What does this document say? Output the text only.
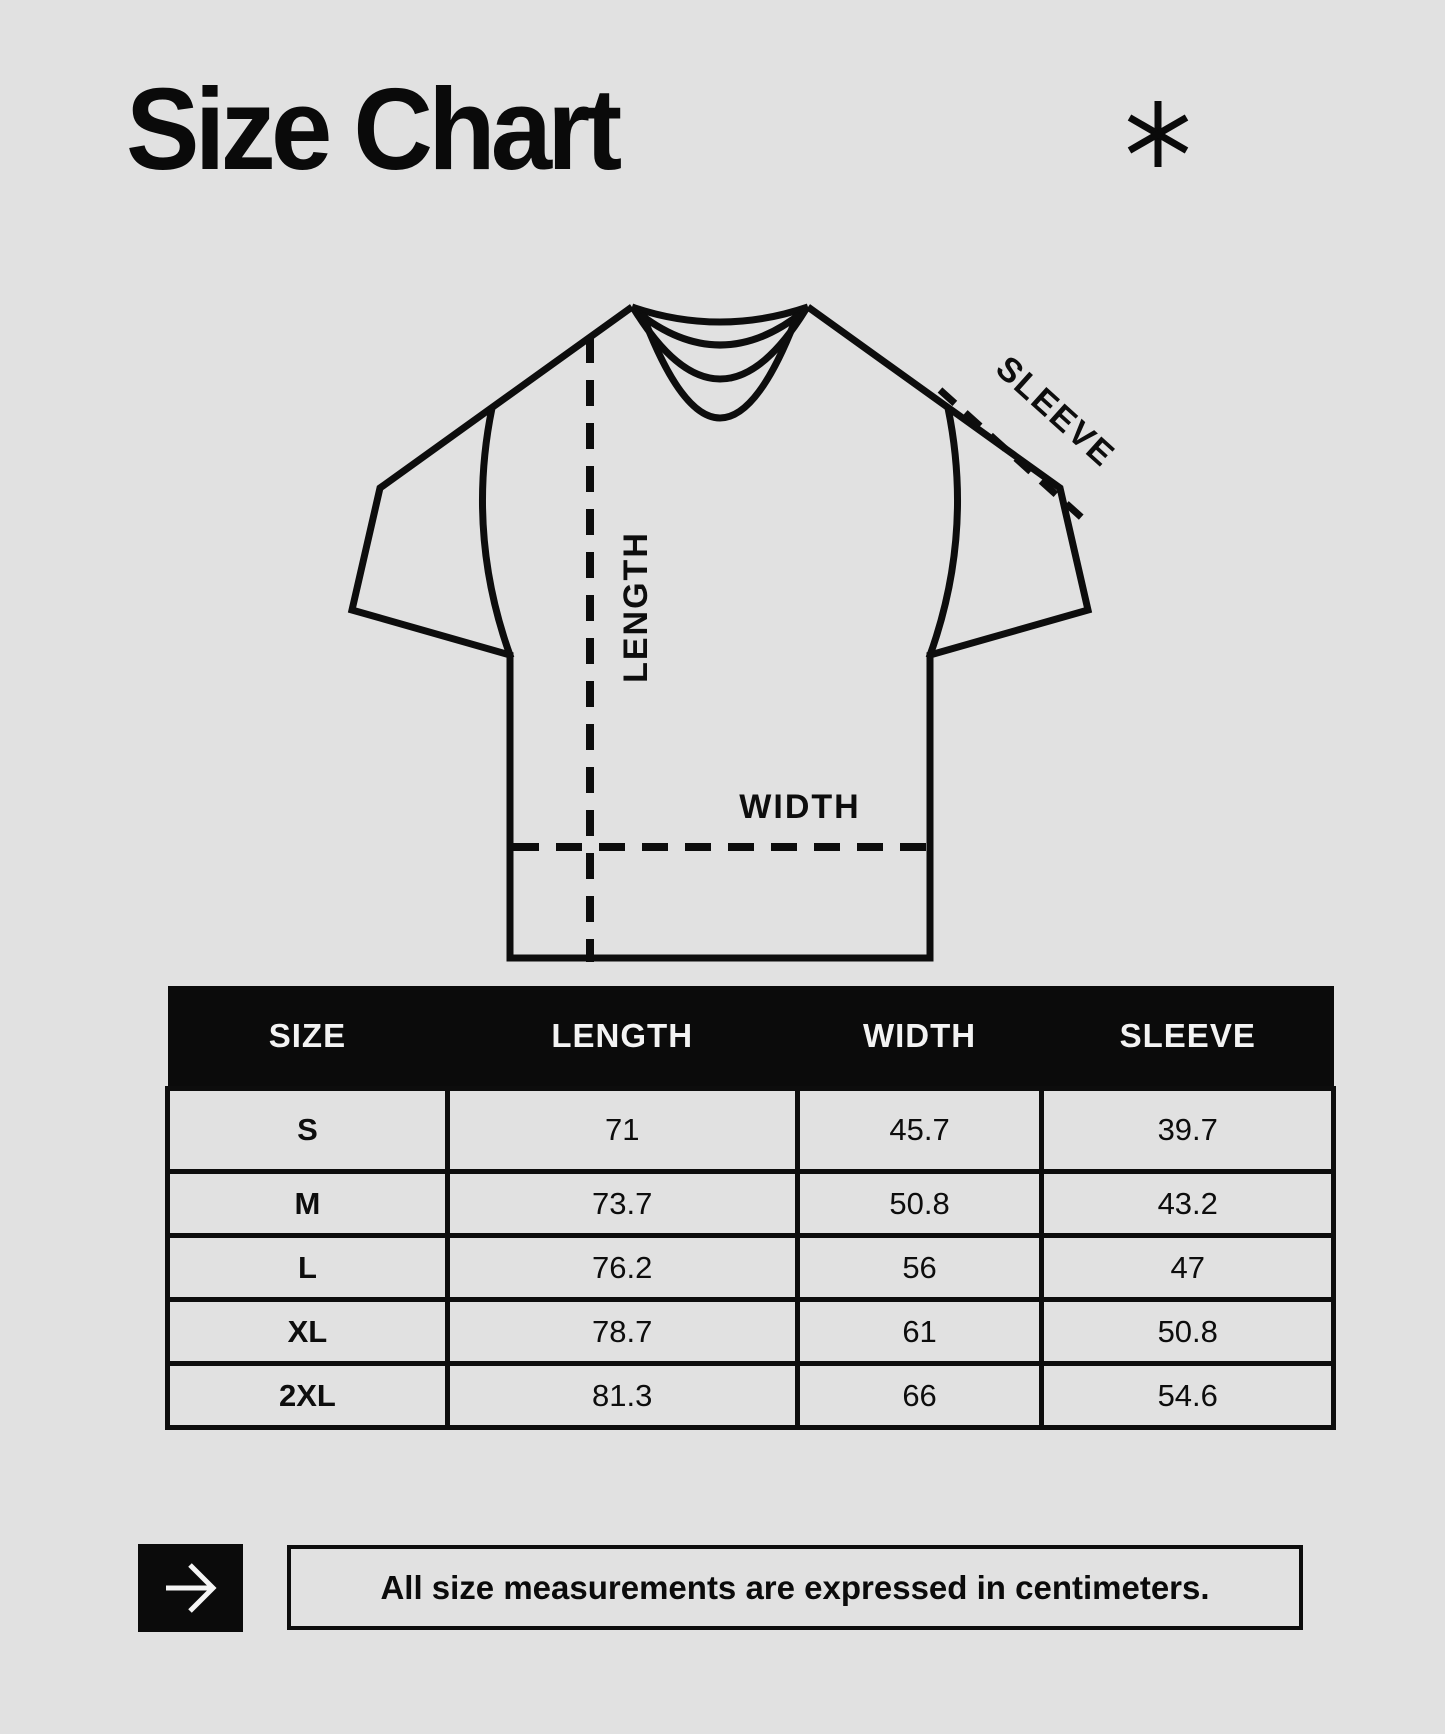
Size Chart
LENGTH
WIDTH
SLEEVE
SIZE	LENGTH	WIDTH	SLEEVE
S	71	45.7	39.7
M	73.7	50.8	43.2
L	76.2	56	47
XL	78.7	61	50.8
2XL	81.3	66	54.6
All size measurements are expressed in centimeters.
